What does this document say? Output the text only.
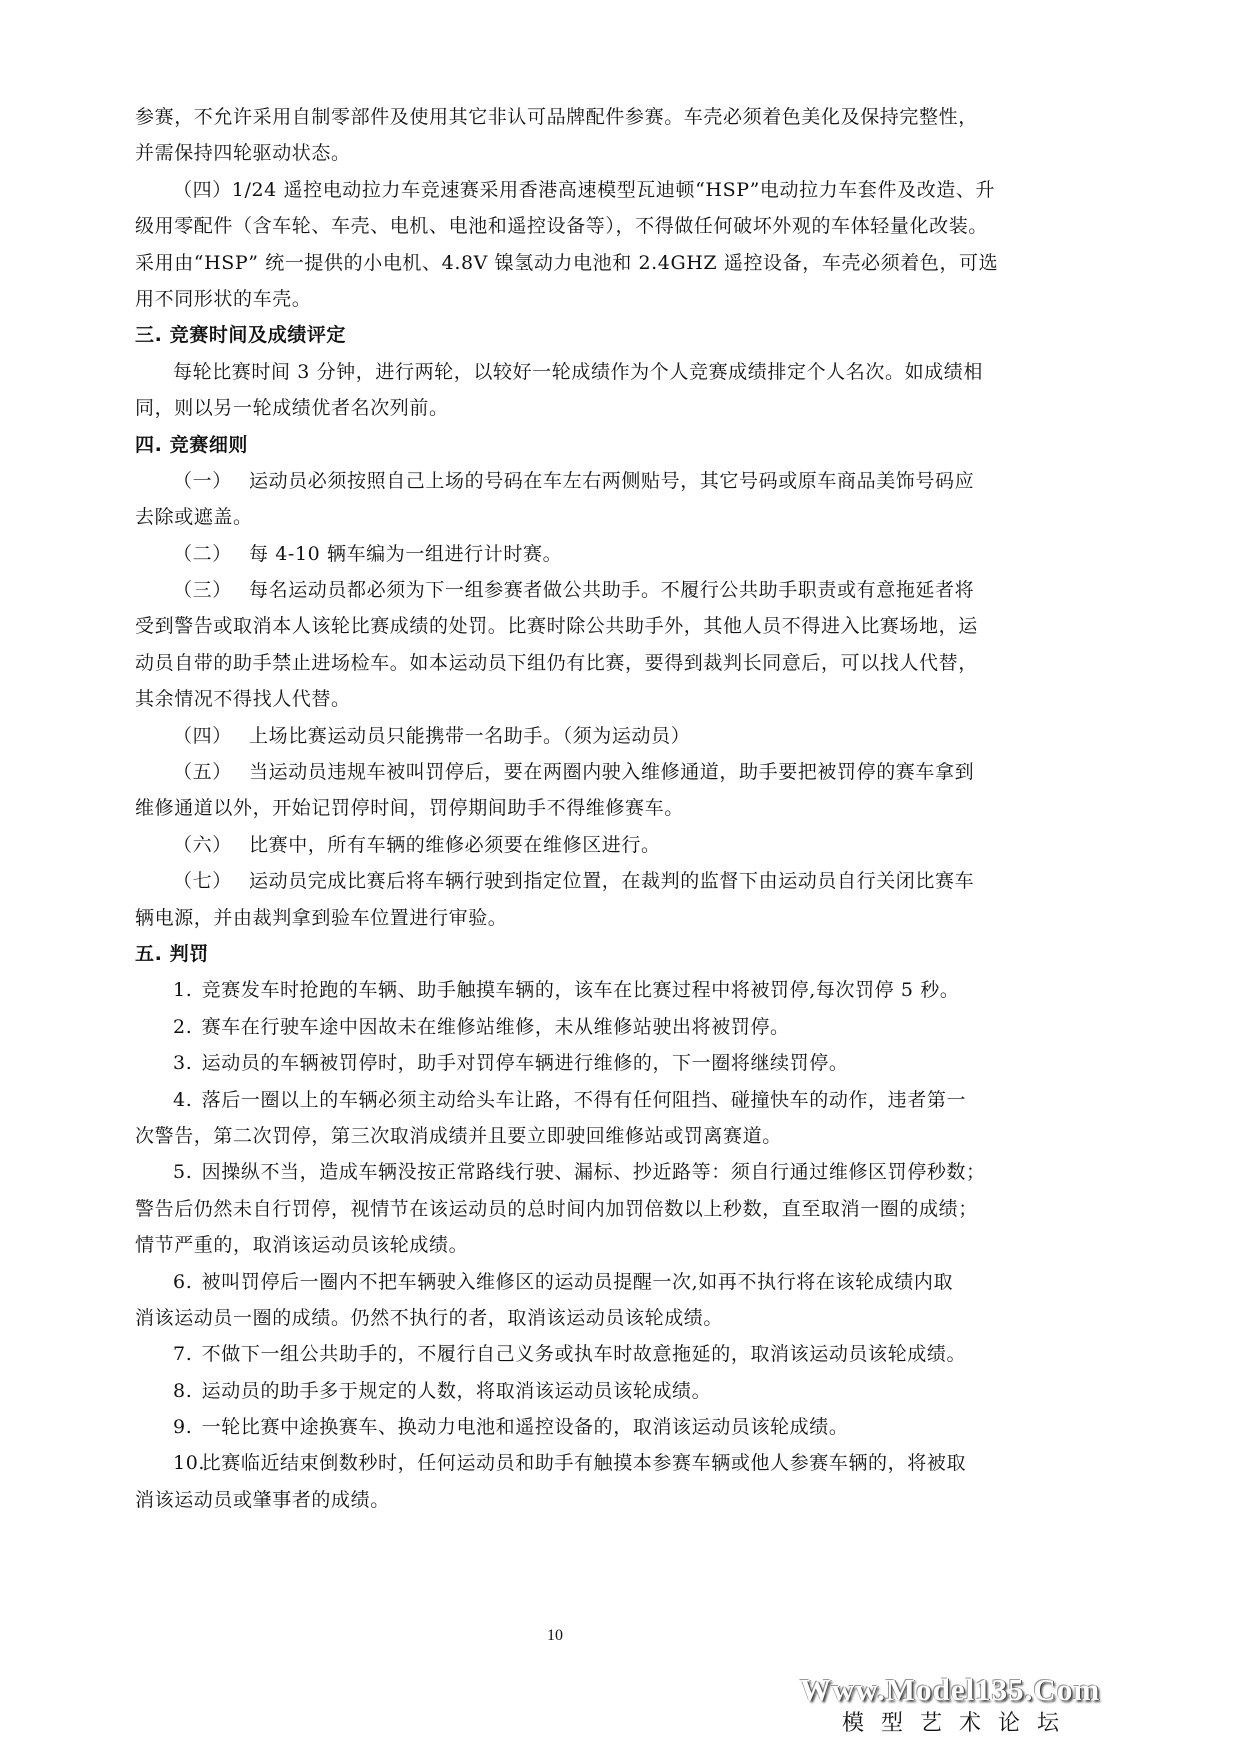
参赛，不允许采用自制零部件及使用其它非认可品牌配件参赛。车壳必须着色美化及保持完整性，
并需保持四轮驱动状态。
（四）1/24 遥控电动拉力车竞速赛采用香港高速模型瓦迪顿“HSP”电动拉力车套件及改造、升
级用零配件（含车轮、车壳、电机、电池和遥控设备等），不得做任何破坏外观的车体轻量化改装。
采用由“HSP” 统一提供的小电机、4.8V 镍氢动力电池和 2.4GHZ 遥控设备，车壳必须着色，可选
用不同形状的车壳。
三. 竞赛时间及成绩评定
每轮比赛时间 3 分钟，进行两轮，以较好一轮成绩作为个人竞赛成绩排定个人名次。如成绩相
同，则以另一轮成绩优者名次列前。
四. 竞赛细则
（一） 运动员必须按照自己上场的号码在车左右两侧贴号，其它号码或原车商品美饰号码应
去除或遮盖。
（二） 每 4-10 辆车编为一组进行计时赛。
（三） 每名运动员都必须为下一组参赛者做公共助手。不履行公共助手职责或有意拖延者将
受到警告或取消本人该轮比赛成绩的处罚。比赛时除公共助手外，其他人员不得进入比赛场地，运
动员自带的助手禁止进场检车。如本运动员下组仍有比赛，要得到裁判长同意后，可以找人代替，
其余情况不得找人代替。
（四） 上场比赛运动员只能携带一名助手。（须为运动员）
（五） 当运动员违规车被叫罚停后，要在两圈内驶入维修通道，助手要把被罚停的赛车拿到
维修通道以外，开始记罚停时间，罚停期间助手不得维修赛车。
（六） 比赛中，所有车辆的维修必须要在维修区进行。
（七） 运动员完成比赛后将车辆行驶到指定位置，在裁判的监督下由运动员自行关闭比赛车
辆电源，并由裁判拿到验车位置进行审验。
五. 判罚
1. 竞赛发车时抢跑的车辆、助手触摸车辆的，该车在比赛过程中将被罚停,每次罚停 5 秒。
2. 赛车在行驶车途中因故未在维修站维修，未从维修站驶出将被罚停。
3. 运动员的车辆被罚停时，助手对罚停车辆进行维修的，下一圈将继续罚停。
4. 落后一圈以上的车辆必须主动给头车让路，不得有任何阻挡、碰撞快车的动作，违者第一
次警告，第二次罚停，第三次取消成绩并且要立即驶回维修站或罚离赛道。
5. 因操纵不当，造成车辆没按正常路线行驶、漏标、抄近路等：须自行通过维修区罚停秒数；
警告后仍然未自行罚停，视情节在该运动员的总时间内加罚倍数以上秒数，直至取消一圈的成绩；
情节严重的，取消该运动员该轮成绩。
6. 被叫罚停后一圈内不把车辆驶入维修区的运动员提醒一次,如再不执行将在该轮成绩内取
消该运动员一圈的成绩。仍然不执行的者，取消该运动员该轮成绩。
7. 不做下一组公共助手的，不履行自己义务或执车时故意拖延的，取消该运动员该轮成绩。
8. 运动员的助手多于规定的人数，将取消该运动员该轮成绩。
9. 一轮比赛中途换赛车、换动力电池和遥控设备的，取消该运动员该轮成绩。
10. 比赛临近结束倒数秒时，任何运动员和助手有触摸本参赛车辆或他人参赛车辆的，将被取
消该运动员或肇事者的成绩。
10
Www.Model135.Com
模型艺术论坛
